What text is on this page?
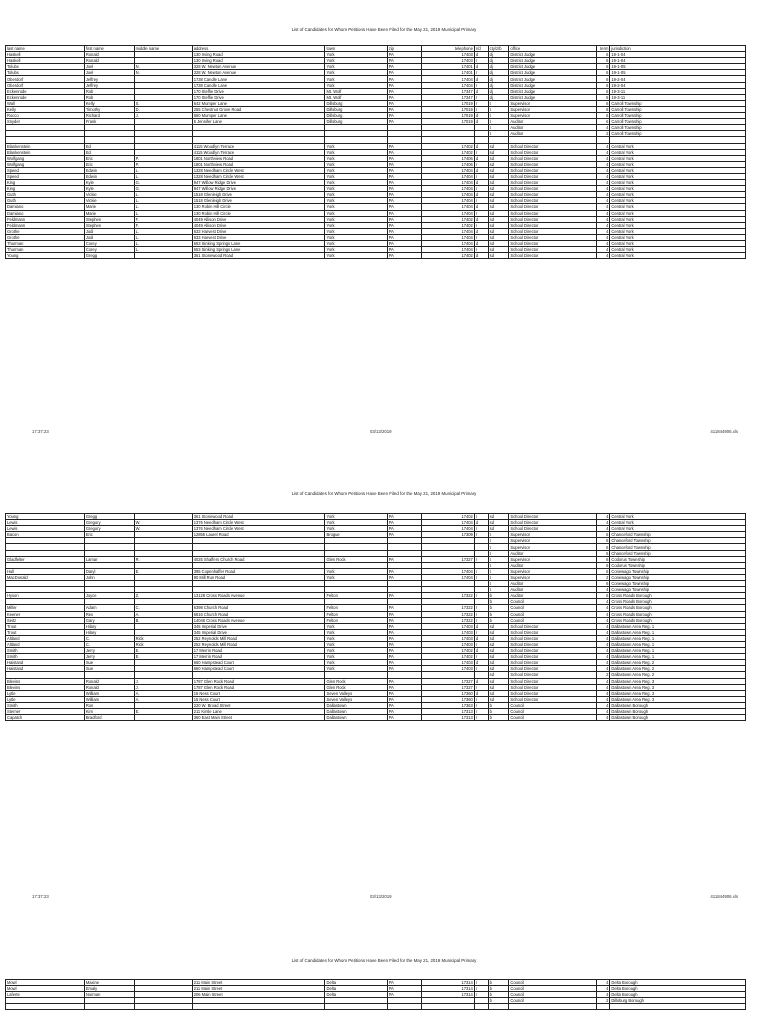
List of Candidates for Whom Petitions Have Been Filed for the May 21, 2019 Municipal Primary
last name	first name	middle name	address	town	zip	telephone	r/d	cty/z/b	office	term	jurisdiction
Haskell	Ronald		130 Irving Road	York	PA	17403	d	dj	District Judge	6	19-1-04
Haskell	Ronald		130 Irving Road	York	PA	17403	r	dj	District Judge	6	19-1-04
Tolubx	Joel	N.	328 W. Newton Avenue	York	PA	17401	d	dj	District Judge	6	19-1-05
Tolubx	Joel	N.	328 W. Newton Avenue	York	PA	17401	r	dj	District Judge	6	19-1-05
Oberdorf	Jeffrey		1738 Candle Lane	York	PA	17404	d	dj	District Judge	6	19-2-04
Oberdorf	Jeffrey		1738 Candle Lane	York	PA	17404	r	dj	District Judge	6	19-2-04
Eckenrode	Rob		170 Steffie Drive	Mt. Wolf	PA	17347	d	dj	District Judge	6	19-3-11
Eckenrode	Rob		170 Steffie Drive	Mt. Wolf	PA	17347	r	dj	District Judge	6	19-3-11
Wall	Kelly	S.	642 Mumper Lane	Dillsburg	PA	17019	r	t	Supervisor	6	Carroll Township
Kelly	Timothy	D.	255 Chestnut Grove Road	Dillsburg	PA	17019	r	t	Supervisor	6	Carroll Township
Rocco	Richard	J.	660 Mumper Lane	Dillsburg	PA	17019	d	t	Supervisor	6	Carroll Township
Snyder	Frank		5 Jennifer Lane	Dillsburg	PA	17019	d	t	Auditor	6	Carroll Township
								t	Auditor	4	Carroll Township
								t	Auditor	2	Carroll Township

Blankenstein	Ed		4115 Woodlyn Terrace	York	PA	17402	d	sd	School Director	4	Central York
Blankenstein	Ed		4115 Woodlyn Terrace	York	PA	17402	r	sd	School Director	4	Central York
Wolfgang	Eric	P.	1801 Northview Road	York	PA	17406	d	sd	School Director	4	Central York
Wolfgang	Eric	P.	1801 Northview Road	York	PA	17406	r	sd	School Director	4	Central York
Speed	Edwin	L.	1328 Needham Circle West	York	PA	17404	d	sd	School Director	4	Central York
Speed	Edwin	L.	1328 Needham Circle West	York	PA	17404	r	sd	School Director	4	Central York
King	Kyle	G.	947 Willow Ridge Drive	York	PA	17404	d	sd	School Director	4	Central York
King	Kyle	G.	947 Willow Ridge Drive	York	PA	17404	r	sd	School Director	4	Central York
Guth	Vickie	L.	1518 Glenleigh Drive	York	PA	17404	d	sd	School Director	4	Central York
Guth	Vickie	L.	1518 Glenleigh Drive	York	PA	17404	r	sd	School Director	4	Central York
Damiano	Marie	L.	130 Robin Hill Circle	York	PA	17404	d	sd	School Director	4	Central York
Damiano	Marie	L.	130 Robin Hill Circle	York	PA	17404	r	sd	School Director	4	Central York
Feldmann	Stephen	F.	4049 Allison Drive	York	PA	17402	d	sd	School Director	4	Central York
Feldmann	Stephen	F.	4049 Allison Drive	York	PA	17402	r	sd	School Director	4	Central York
Grothe	Jodi	L.	633 Harvest Drive	York	PA	17404	d	sd	School Director	4	Central York
Grothe	Jodi	L.	633 Harvest Drive	York	PA	17404	r	sd	School Director	4	Central York
Thurman	Corey	L.	653 Sinking Springs Lane	York	PA	17404	d	sd	School Director	4	Central York
Thurman	Corey	L.	653 Sinking Springs Lane	York	PA	17404	r	sd	School Director	4	Central York
Young	Gregg		361 Stonewood Road	York	PA	17402	d	sd	School Director	4	Central York
17:37:23	03/13/2019	411844906.xls
List of Candidates for Whom Petitions Have Been Filed for the May 21, 2019 Municipal Primary
Young	Gregg		361 Stonewood Road	York	PA	17402	r	sd	School Director	4	Central York
Lewis	Gregory	W.	1376 Needham Circle West	York	PA	17404	d	sd	School Director	4	Central York
Lewis	Gregory	W.	1376 Needham Circle West	York	PA	17404	r	sd	School Director	4	Central York
Bacon	Eric		12855 Laurel Road	Brogue	PA	17309	r	t	Supervisor	6	Chanceford Township
								t	Supervisor	6	Chanceford Township
								t	Supervisor	6	Chanceford Township
								t	Auditor	6	Chanceford Township
Gladfelter	Lamar	R.	4025 Shaffers Church Road	Glen Rock	PA	17327	r	t	Supervisor	6	Codorus Township
								t	Auditor	6	Codorus Township
Hull	Daryl	E.	395 Copenhaffer Road	York	PA	17404	r	t	Supervisor	6	Conewago Township
MacDonald	John		90 Mill Run Road	York	PA	17404	r	t	Supervisor	2	Conewago Township
								t	Auditor	6	Conewago Township
								t	Auditor	4	Conewago Township
Hyson	Joyce	Z.	13128 Cross Roads Avenue	Felton	PA	17322	r	b	Auditor	6	Cross Roads Borough
								b	Council	4	Cross Roads Borough
Miller	Adam	C.	6398 Church Road	Felton	PA	17322	r	b	Council	4	Cross Roads Borough
Keener	Rex	A.	6816 Church Road	Felton	PA	17322	r	b	Council	4	Cross Roads Borough
Seitz	Gary	B.	14046 Cross Roads Avenue	Felton	PA	17322	r	b	Council	4	Cross Roads Borough
Trout	Hilary		345 Imperial Drive	York	PA	17403	d	sd	School Director	4	Dallastown Area Reg. 1
Trout	Hilary		345 Imperial Drive	York	PA	17403	r	sd	School Director	4	Dallastown Area Reg. 1
Altland	C.	Rick	252 Reynolds Mill Road	York	PA	17403	d	sd	School Director	4	Dallastown Area Reg. 1
Altland	C.	Rick	252 Reynolds Mill Road	York	PA	17403	r	sd	School Director	4	Dallastown Area Reg. 1
Smith	Jerry	E.	17 Merrin Road	York	PA	17402	d	sd	School Director	4	Dallastown Area Reg. 1
Smith	Jerry	E.	17 Merrin Road	York	PA	17402	r	sd	School Director	4	Dallastown Area Reg. 1
Haistand	Sue		660 Hampstead Court	York	PA	17403	d	sd	School Director	4	Dallastown Area Reg. 2
Haistand	Sue		660 Hampstead Court	York	PA	17403	r	sd	School Director	4	Dallastown Area Reg. 2
								sd	School Director	2	Dallastown Area Reg. 2
Blevins	Ronald	J.	1787 Glen Rock Road	Glen Rock	PA	17327	d	sd	School Director	4	Dallastown Area Reg. 3
Blevins	Ronald	J.	1787 Glen Rock Road	Glen Rock	PA	17327	r	sd	School Director	4	Dallastown Area Reg. 3
Lytle	William	A.	15 Ness Court	Seven Valleys	PA	17360	d	sd	School Director	4	Dallastown Area Reg. 3
Lytle	William	A.	15 Ness Court	Seven Valleys	PA	17360	r	sd	School Director	4	Dallastown Area Reg. 3
Smith	Ron		220 W. Broad Street	Dallastown	PA	17363	r	b	Council	4	Dallastown Borough
Sterner	Kim	E.	211 Kirsle Lane	Dallastown	PA	17313	r	b	Council	4	Dallastown Borough
Capatch	Bradford		360 East Main Street	Dallastown	PA	17313	r	b	Council	4	Dallastown Borough
17:37:23	03/13/2019	411844906.xls
List of Candidates for Whom Petitions Have Been Filed for the May 21, 2019 Municipal Primary
Mowl	Maxine		211 Main Street	Delta	PA	17314	r	b	Council	4	Delta Borough
Mowl	Emaly		211 Main Street	Delta	PA	17314	r	b	Council	4	Delta Borough
Laferte	Norman		206 Main Street	Delta	PA	17314	r	b	Council	4	Delta Borough
								b	Council	2	Dillsburg Borough
